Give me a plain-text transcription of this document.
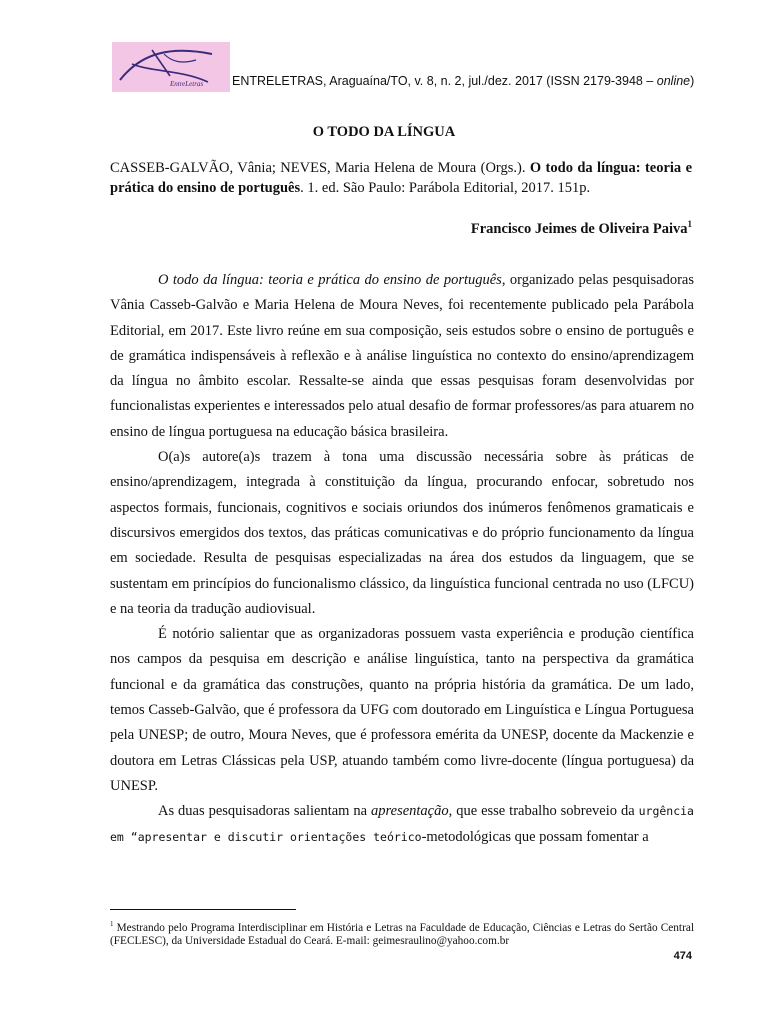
EntreLetras ENTRELETRAS, Araguaína/TO, v. 8, n. 2, jul./dez. 2017 (ISSN 2179-3948 – online)
O TODO DA LÍNGUA
CASSEB-GALVÃO, Vânia; NEVES, Maria Helena de Moura (Orgs.). O todo da língua: teoria e prática do ensino de português. 1. ed. São Paulo: Parábola Editorial, 2017. 151p.
Francisco Jeimes de Oliveira Paiva$^1$

O todo da língua: teoria e prática do ensino de português, organizado pelas pesquisadoras Vânia Casseb-Galvão e Maria Helena de Moura Neves, foi recentemente publicado pela Parábola Editorial, em 2017. Este livro reúne em sua composição, seis estudos sobre o ensino de português e de gramática indispensáveis à reflexão e à análise linguística no contexto do ensino/aprendizagem da língua no âmbito escolar. Ressalte-se ainda que essas pesquisas foram desenvolvidas por funcionalistas experientes e interessados pelo atual desafio de formar professores/as para atuarem no ensino de língua portuguesa na educação básica brasileira.

O(a)s autore(a)s trazem à tona uma discussão necessária sobre às práticas de ensino/aprendizagem, integrada à constituição da língua, procurando enfocar, sobretudo nos aspectos formais, funcionais, cognitivos e sociais oriundos dos inúmeros fenômenos gramaticais e discursivos emergidos dos textos, das práticas comunicativas e do próprio funcionamento da língua em sociedade. Resulta de pesquisas especializadas na área dos estudos da linguagem, que se sustentam em princípios do funcionalismo clássico, da linguística funcional centrada no uso (LFCU) e na teoria da tradução audiovisual.

É notório salientar que as organizadoras possuem vasta experiência e produção científica nos campos da pesquisa em descrição e análise linguística, tanto na perspectiva da gramática funcional e da gramática das construções, quanto na própria história da gramática. De um lado, temos Casseb-Galvão, que é professora da UFG com doutorado em Linguística e Língua Portuguesa pela UNESP; de outro, Moura Neves, que é professora emérita da UNESP, docente da Mackenzie e doutora em Letras Clássicas pela USP, atuando também como livre-docente (língua portuguesa) da UNESP.

As duas pesquisadoras salientam na apresentação, que esse trabalho sobreveio da urgência em “apresentar e discutir orientações teórico-metodológicas que possam fomentar a

$^1$ Mestrando pelo Programa Interdisciplinar em História e Letras na Faculdade de Educação, Ciências e Letras do Sertão Central (FECLESC), da Universidade Estadual do Ceará. E-mail: geimesraulino@yahoo.com.br
474
